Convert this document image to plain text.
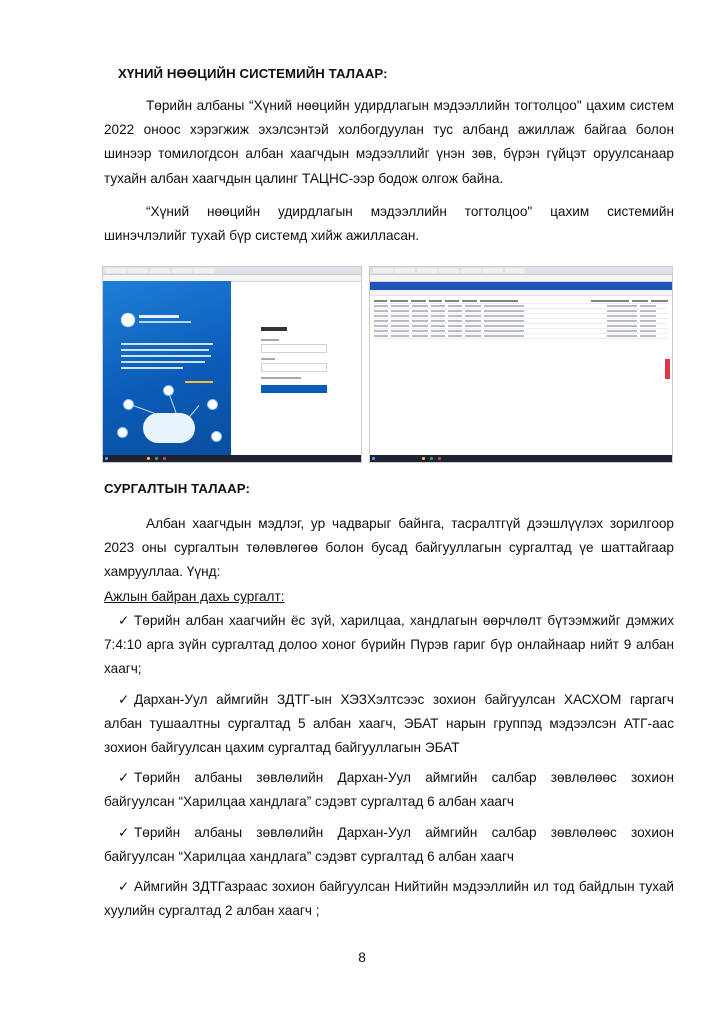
ХҮНИЙ НӨӨЦИЙН СИСТЕМИЙН ТАЛААР:
Төрийн албаны “Хүний нөөцийн удирдлагын мэдээллийн тогтолцоо" цахим систем 2022 оноос хэрэгжиж эхэлсэнтэй холбогдуулан тус албанд ажиллаж байгаа болон шинээр томилогдсон албан хаагчдын мэдээллийг үнэн зөв, бүрэн гүйцэт оруулсанаар тухайн албан хаагчдын цалинг ТАЦНС-ээр бодож олгож байна.
“Хүний нөөцийн удирдлагын мэдээллийн тогтолцоо" цахим системийн шинэчлэлийг тухай бүр системд хийж ажилласан.
СУРГАЛТЫН ТАЛААР:
Албан хаагчдын мэдлэг, ур чадварыг байнга, тасралтгүй дээшлүүлэх зорилгоор 2023 оны сургалтын төлөвлөгөө болон бусад байгууллагын сургалтад үе шаттайгаар хамрууллаа. Үүнд:
Ажлын байран дахь сургалт:
✓ Төрийн албан хаагчийн ёс зүй, харилцаа, хандлагын өөрчлөлт бүтээмжийг дэмжих 7:4:10 арга зүйн сургалтад долоо хоног бүрийн Пүрэв гариг бүр онлайнаар нийт 9 албан хаагч;
✓ Дархан-Уул аймгийн ЗДТГ-ын ХЭЗХэлтсээс зохион байгуулсан ХАСХОМ гаргагч албан тушаалтны сургалтад 5 албан хаагч, ЭБАТ нарын группэд мэдээлсэн АТГ-аас зохион байгуулсан цахим сургалтад байгууллагын ЭБАТ
✓ Төрийн албаны зөвлөлийн Дархан-Уул аймгийн салбар зөвлөлөөс зохион байгуулсан “Харилцаа хандлага” сэдэвт сургалтад 6 албан хаагч
✓ Төрийн албаны зөвлөлийн Дархан-Уул аймгийн салбар зөвлөлөөс зохион байгуулсан “Харилцаа хандлага” сэдэвт сургалтад 6 албан хаагч
✓ Аймгийн ЗДТГазраас зохион байгуулсан Нийтийн мэдээллийн ил тод байдлын тухай хуулийн сургалтад 2 албан хаагч ;
8
